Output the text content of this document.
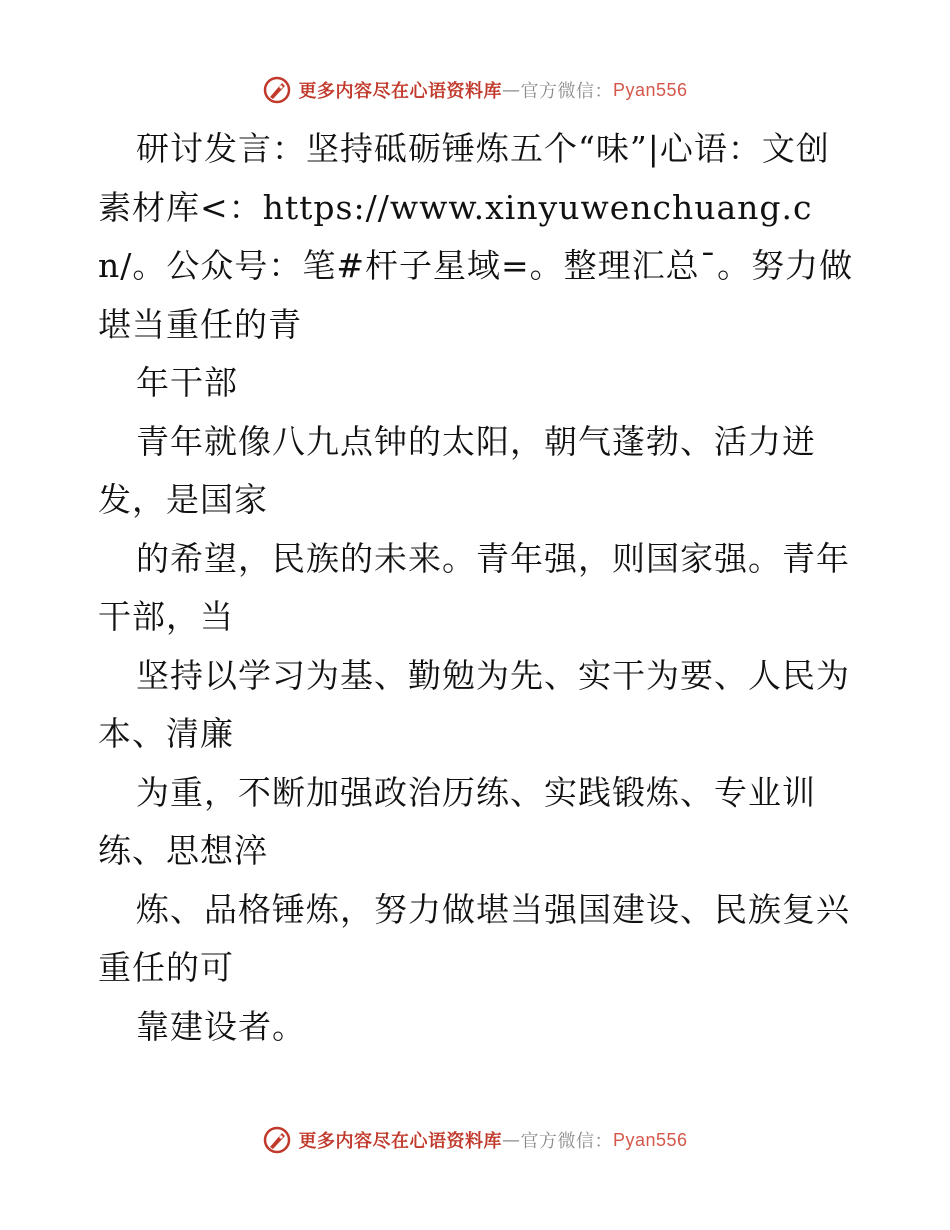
更多内容尽在心语资料库 — 官方微信： Pyan556

研讨发言：坚持砥砺锤炼五个“味”|心语：文创素材库<：https://www.xinyuwenchuang.cn/。公众号：笔#杆子星域=。整理汇总¯。努力做堪当重任的青

年干部

青年就像八九点钟的太阳，朝气蓬勃、活力迸发，是国家

的希望，民族的未来。青年强，则国家强。青年干部，当

坚持以学习为基、勤勉为先、实干为要、人民为本、清廉

为重，不断加强政治历练、实践锻炼、专业训练、思想淬

炼、品格锤炼，努力做堪当强国建设、民族复兴重任的可

靠建设者。

更多内容尽在心语资料库 — 官方微信： Pyan556
